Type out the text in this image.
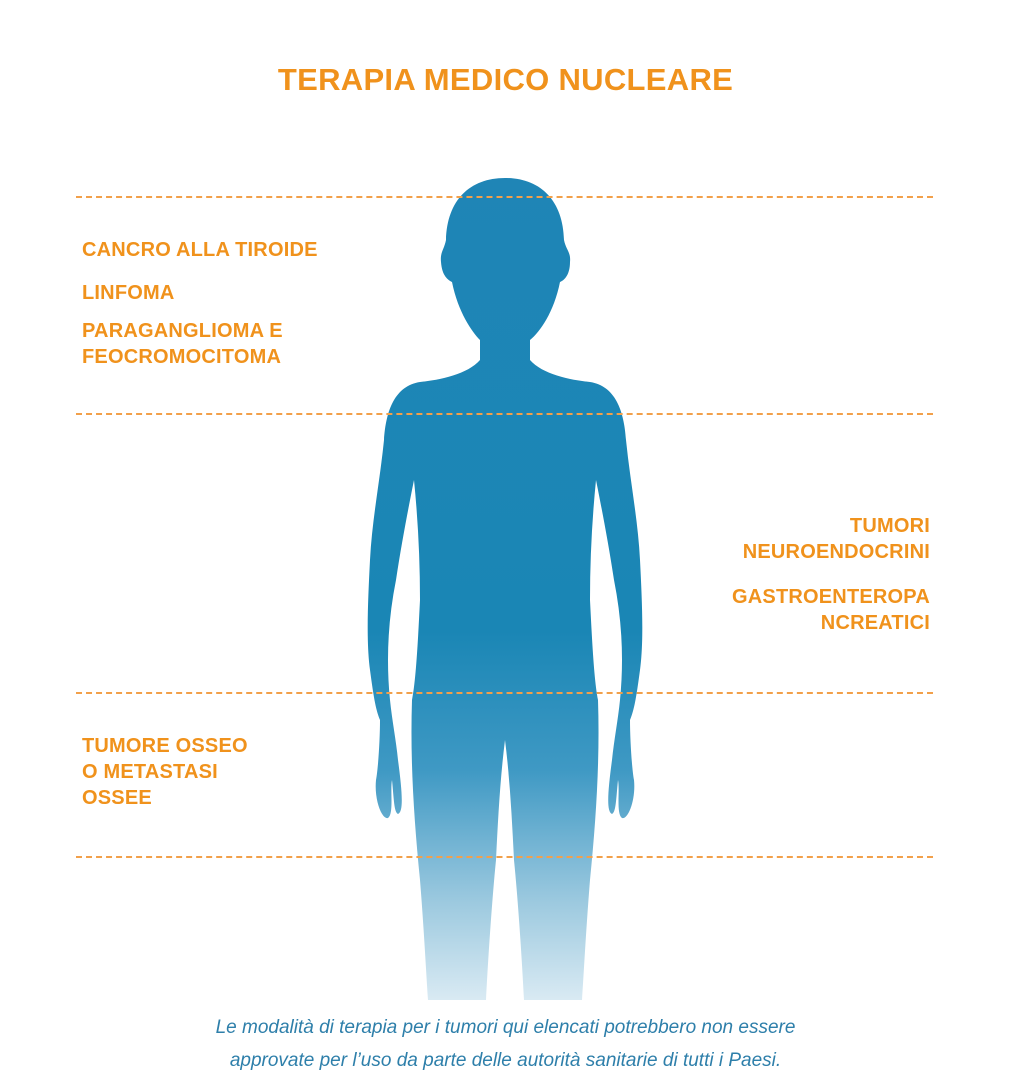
TERAPIA MEDICO NUCLEARE
CANCRO ALLA TIROIDE
LINFOMA
PARAGANGLIOMA E
FEOCROMOCITOMA
TUMORI
NEUROENDOCRINI
GASTROENTEROPA
NCREATICI
TUMORE OSSEO
O METASTASI
OSSEE
Le modalità di terapia per i tumori qui elencati potrebbero non essere
approvate per l’uso da parte delle autorità sanitarie di tutti i Paesi.
